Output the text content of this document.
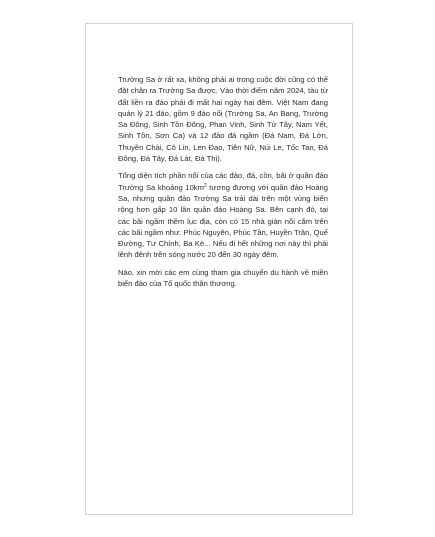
Trường Sa ở rất xa, không phải ai trong cuộc đời cũng có thể đặt chân ra Trường Sa được. Vào thời điểm năm 2024, tàu từ đất liền ra đảo phải đi mất hai ngày hai đêm. Việt Nam đang quản lý 21 đảo, gồm 9 đảo nổi (Trường Sa, An Bang, Trường Sa Đông, Sinh Tồn Đông, Phan Vinh, Sinh Tử Tây, Nam Yết, Sinh Tồn, Sơn Ca) và 12 đảo đá ngầm (Đá Nam, Đá Lớn, Thuyền Chài, Cô Lin, Len Đao, Tiên Nữ, Núi Le, Tốc Tan, Đá Đông, Đá Tây, Đá Lát, Đá Thị).

Tổng diện tích phần nổi của các đảo, đá, cồn, bãi ở quần đảo Trường Sa khoảng $10km^2$ tương đương với quần đảo Hoàng Sa, nhưng quần đảo Trường Sa trải dài trên một vùng biển rộng hơn gấp 10 lần quần đảo Hoàng Sa. Bên cạnh đó, tại các bãi ngầm thềm lục địa, còn có 15 nhà giàn nổi cắm trên các bãi ngầm như: Phúc Nguyên, Phúc Tần, Huyền Trân, Quế Đường, Tư Chính, Ba Kè... Nếu đi hết những nơi này thì phải lênh đênh trên sóng nước 20 đến 30 ngày đêm.

Nào, xin mời các em cùng tham gia chuyến du hành về miền biển đảo của Tổ quốc thân thương.
